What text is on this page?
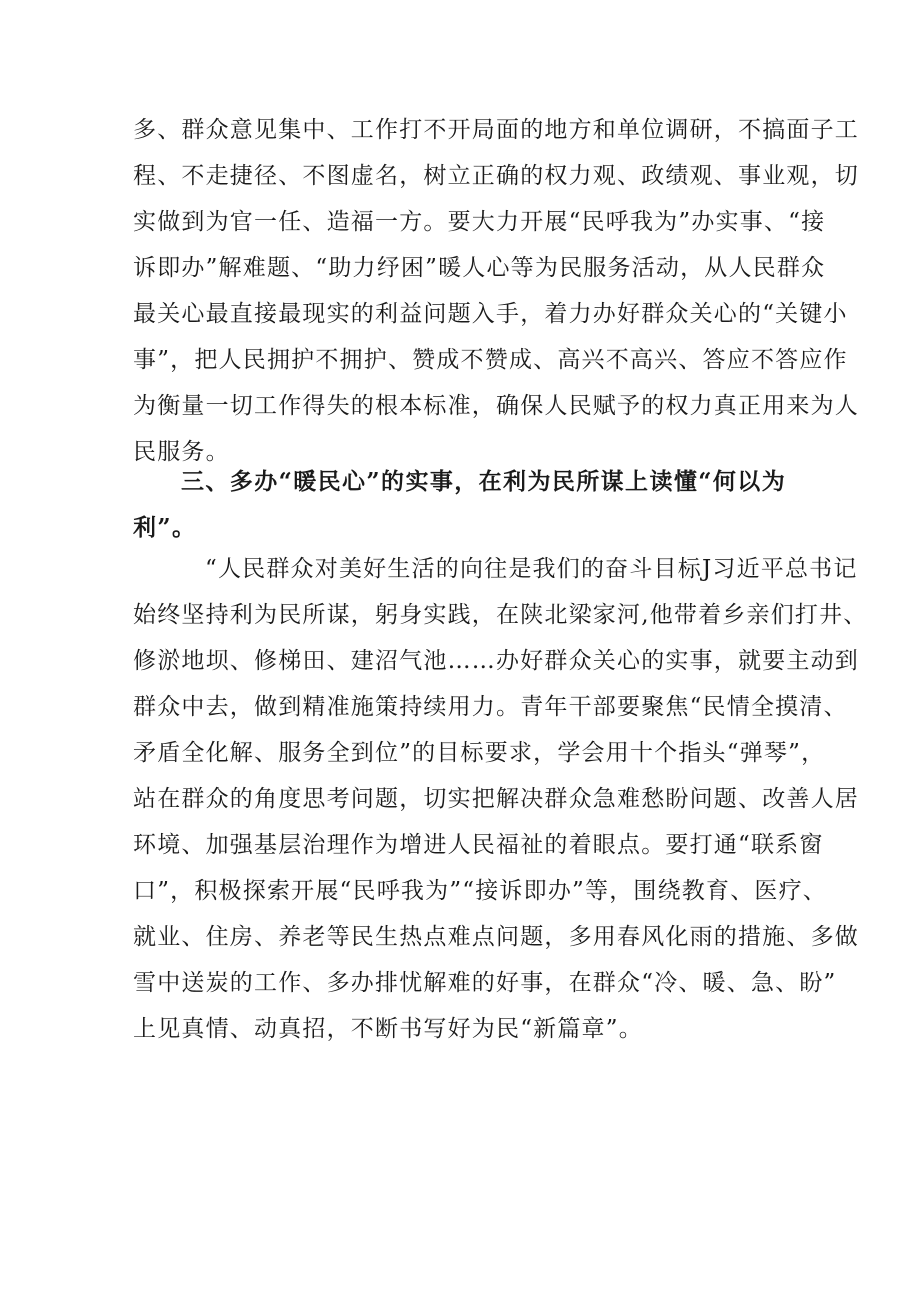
多、群众意见集中、工作打不开局面的地方和单位调研，不搞面子工
程、不走捷径、不图虚名，树立正确的权力观、政绩观、事业观，切
实做到为官一任、造福一方。要大力开展“民呼我为”办实事、“接
诉即办”解难题、“助力纾困”暖人心等为民服务活动，从人民群众
最关心最直接最现实的利益问题入手，着力办好群众关心的“关键小
事”，把人民拥护不拥护、赞成不赞成、高兴不高兴、答应不答应作
为衡量一切工作得失的根本标准，确保人民赋予的权力真正用来为人
民服务。
三、多办“暖民心”的实事，在利为民所谋上读懂“何以为
利”。
“人民群众对美好生活的向往是我们的奋斗目标J习近平总书记
始终坚持利为民所谋，躬身实践，在陕北梁家河,他带着乡亲们打井、
修淤地坝、修梯田、建沼气池……办好群众关心的实事，就要主动到
群众中去，做到精准施策持续用力。青年干部要聚焦“民情全摸清、
矛盾全化解、服务全到位”的目标要求，学会用十个指头“弹琴”，
站在群众的角度思考问题，切实把解决群众急难愁盼问题、改善人居
环境、加强基层治理作为增进人民福祉的着眼点。要打通“联系窗
口”，积极探索开展“民呼我为”“接诉即办”等，围绕教育、医疗、
就业、住房、养老等民生热点难点问题，多用春风化雨的措施、多做
雪中送炭的工作、多办排忧解难的好事，在群众“冷、暖、急、盼”
上见真情、动真招，不断书写好为民“新篇章”。
